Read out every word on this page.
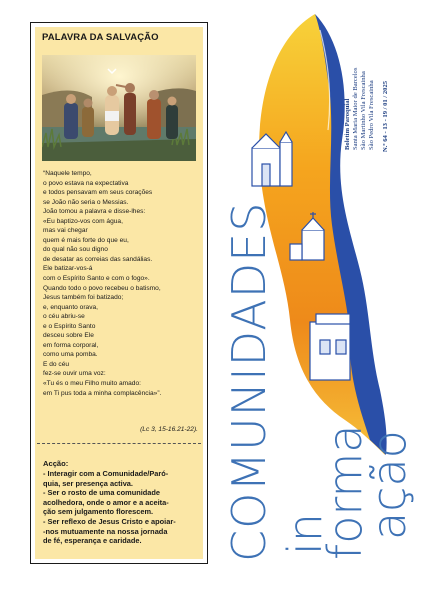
PALAVRA DA SALVAÇÃO
“Naquele tempo,
o povo estava na expectativa
e todos pensavam em seus corações
se João não seria o Messias.
João tomou a palavra e disse-lhes:
«Eu baptizo-vos com água,
mas vai chegar
quem é mais forte do que eu,
do qual não sou digno
de desatar as correias das sandálias.
Ele batizar-vos-á
com o Espírito Santo e com o fogo».
Quando todo o povo recebeu o batismo,
Jesus também foi batizado;
e, enquanto orava,
o céu abriu-se
e o Espírito Santo
desceu sobre Ele
em forma corporal,
como uma pomba.
E do céu
fez-se ouvir uma voz:
«Tu és o meu Filho muito amado:
em Ti pus toda a minha complacência»”.
(Lc 3, 15-16.21-22).
Acção:
- Interagir com a Comunidade/Paró-
quia, ser presença activa.
- Ser o rosto de uma comunidade
acolhedora, onde o amor e a aceita-
ção sem julgamento florescem.
- Ser reflexo de Jesus Cristo e apoiar-
-nos mutuamente na nossa jornada
de fé, esperança e caridade.	COMUNIDADES in
forma
ação
Boletim Paroquial Santa Maria Maior de Barcelos São Martinho Vila Frescainha São Pedro Vila Frescainha N.º 64 - 13 - 19 / 01 / 2025
